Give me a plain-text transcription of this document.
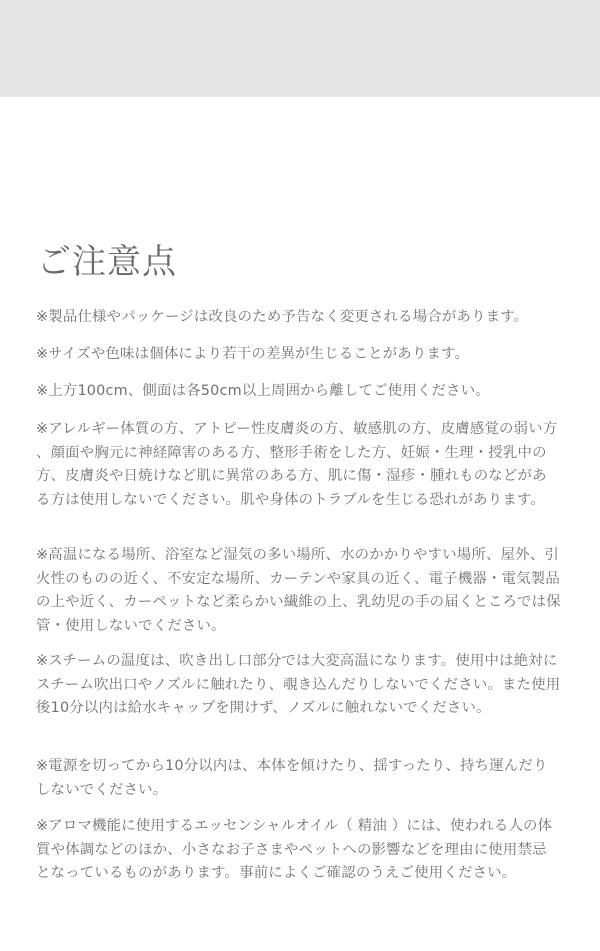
ご注意点

※製品仕様やパッケージは改良のため予告なく変更される場合があります。

※サイズや色味は個体により若干の差異が生じることがあります。

※上方100cm、側面は各50cm以上周囲から離してご使用ください。

※アレルギー体質の方、アトピー性皮膚炎の方、敏感肌の方、皮膚感覚の弱い方、顔面や胸元に神経障害のある方、整形手術をした方、妊娠・生理・授乳中の方、皮膚炎や日焼けなど肌に異常のある方、肌に傷・湿疹・腫れものなどがある方は使用しないでください。肌や身体のトラブルを生じる恐れがあります。

※高温になる場所、浴室など湿気の多い場所、水のかかりやすい場所、屋外、引火性のものの近く、不安定な場所、カーテンや家具の近く、電子機器・電気製品の上や近く、カーペットなど柔らかい繊維の上、乳幼児の手の届くところでは保管・使用しないでください。

※スチームの温度は、吹き出し口部分では大変高温になります。使用中は絶対にスチーム吹出口やノズルに触れたり、覗き込んだりしないでください。また使用後10分以内は給水キャップを開けず、ノズルに触れないでください。

※電源を切ってから10分以内は、本体を傾けたり、揺すったり、持ち運んだりしないでください。

※アロマ機能に使用するエッセンシャルオイル（ 精油 ）には、使われる人の体質や体調などのほか、小さなお子さまやペットへの影響などを理由に使用禁忌となっているものがあります。事前によくご確認のうえご使用ください。
